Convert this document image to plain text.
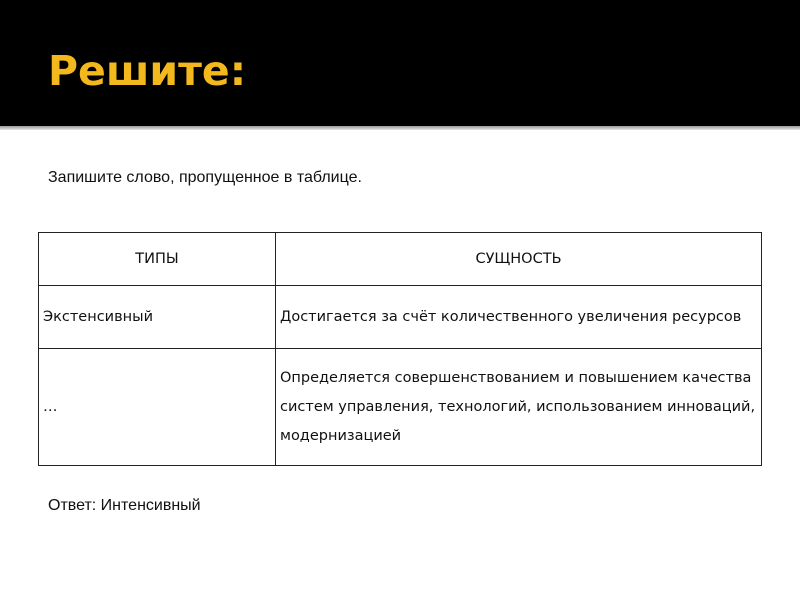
Решите:
Запишите слово, пропущенное в таблице.
ТИПЫ	СУЩНОСТЬ
Экстенсивный	Достигается за счёт количественного увеличения ресурсов
…	Определяется совершенствованием и повышением качества систем управления, технологий, использованием инноваций, модернизацией
Ответ: Интенсивный
